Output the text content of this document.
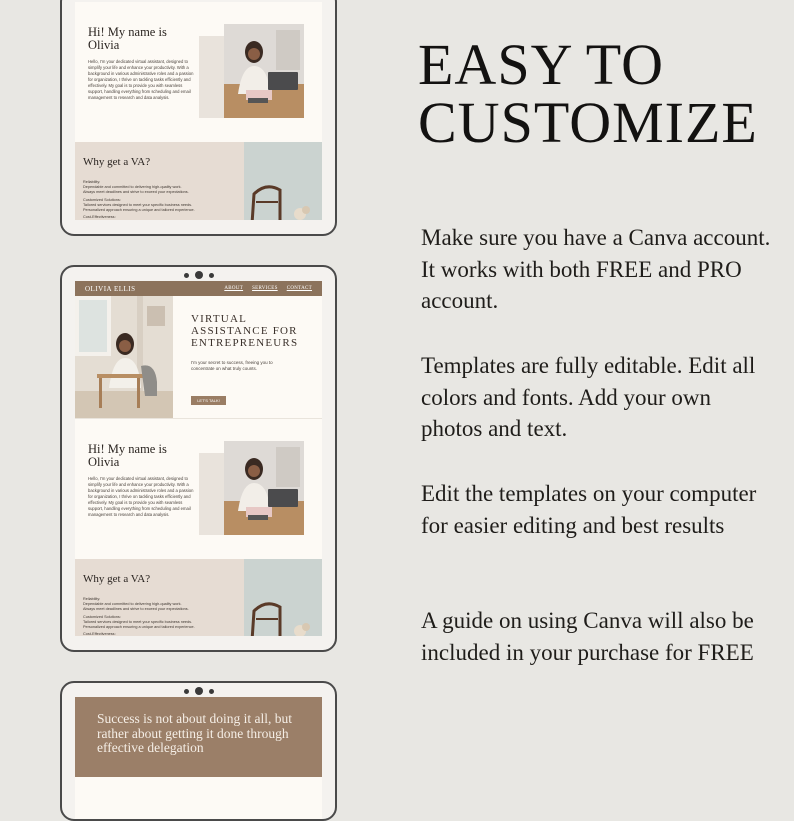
Hi! My name is Olivia
Hello, I'm your dedicated virtual assistant, designed to simplify your life and enhance your productivity. With a background in various administrative roles and a passion for organization, I thrive on tackling tasks efficiently and effectively. My goal is to provide you with seamless support, handling everything from scheduling and email management to research and data analysis.
Why get a VA?
Reliability:
Dependable and committed to delivering high-quality work.
Always meet deadlines and strive to exceed your expectations.
Customized Solutions:
Tailored services designed to meet your specific business needs.
Personalized approach ensuring a unique and tailored experience.
Cost-Effectiveness:
OLIVIA ELLIS	ABOUT SERVICES CONTACT
VIRTUAL ASSISTANCE FOR ENTREPRENEURS
I'm your secret to success, freeing you to concentrate on what truly counts.
LET'S TALK!
Hi! My name is Olivia
Hello, I'm your dedicated virtual assistant, designed to simplify your life and enhance your productivity. With a background in various administrative roles and a passion for organization, I thrive on tackling tasks efficiently and effectively. My goal is to provide you with seamless support, handling everything from scheduling and email management to research and data analysis.
Why get a VA?
Reliability:
Dependable and committed to delivering high-quality work.
Always meet deadlines and strive to exceed your expectations.
Customized Solutions:
Tailored services designed to meet your specific business needs.
Personalized approach ensuring a unique and tailored experience.
Cost-Effectiveness:
Success is not about doing it all, but rather about getting it done through effective delegation
EASY TO CUSTOMIZE
Make sure you have a Canva account. It works with both FREE and PRO account.
Templates are fully editable. Edit all colors and fonts. Add your own photos and text.
Edit the templates on your computer for easier editing and best results
A guide on using Canva will also be included in your purchase for FREE
